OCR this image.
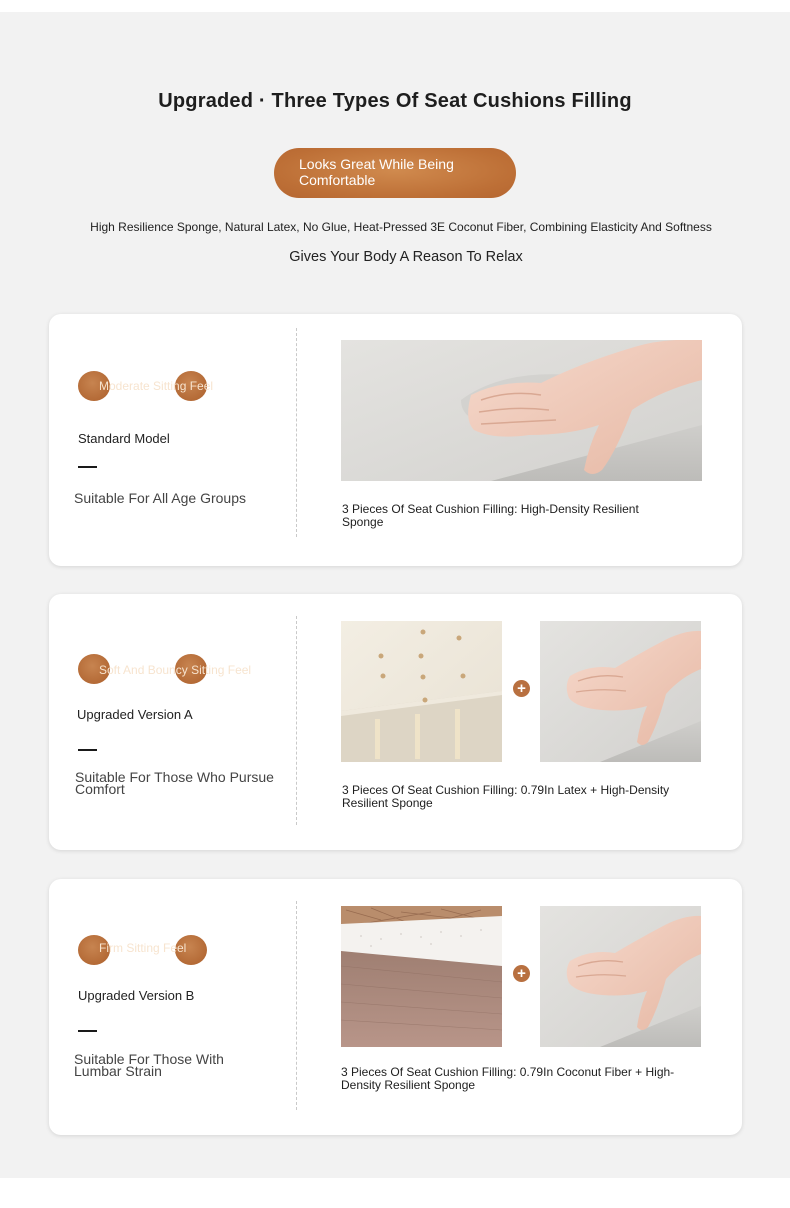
Upgraded · Three Types Of Seat Cushions Filling
Looks Great While Being Comfortable
High Resilience Sponge, Natural Latex, No Glue, Heat-Pressed 3E Coconut Fiber, Combining Elasticity And Softness
Gives Your Body A Reason To Relax
Moderate Sitting Feel
Standard Model
Suitable For All Age Groups
3 Pieces Of Seat Cushion Filling: High-Density Resilient Sponge
Soft And Bouncy Sitting Feel
Upgraded Version A
Suitable For Those Who Pursue Comfort
+
3 Pieces Of Seat Cushion Filling: 0.79In Latex + High-Density Resilient Sponge
Firm Sitting Feel
Upgraded Version B
Suitable For Those With Lumbar Strain
+
3 Pieces Of Seat Cushion Filling: 0.79In Coconut Fiber + High-Density Resilient Sponge
